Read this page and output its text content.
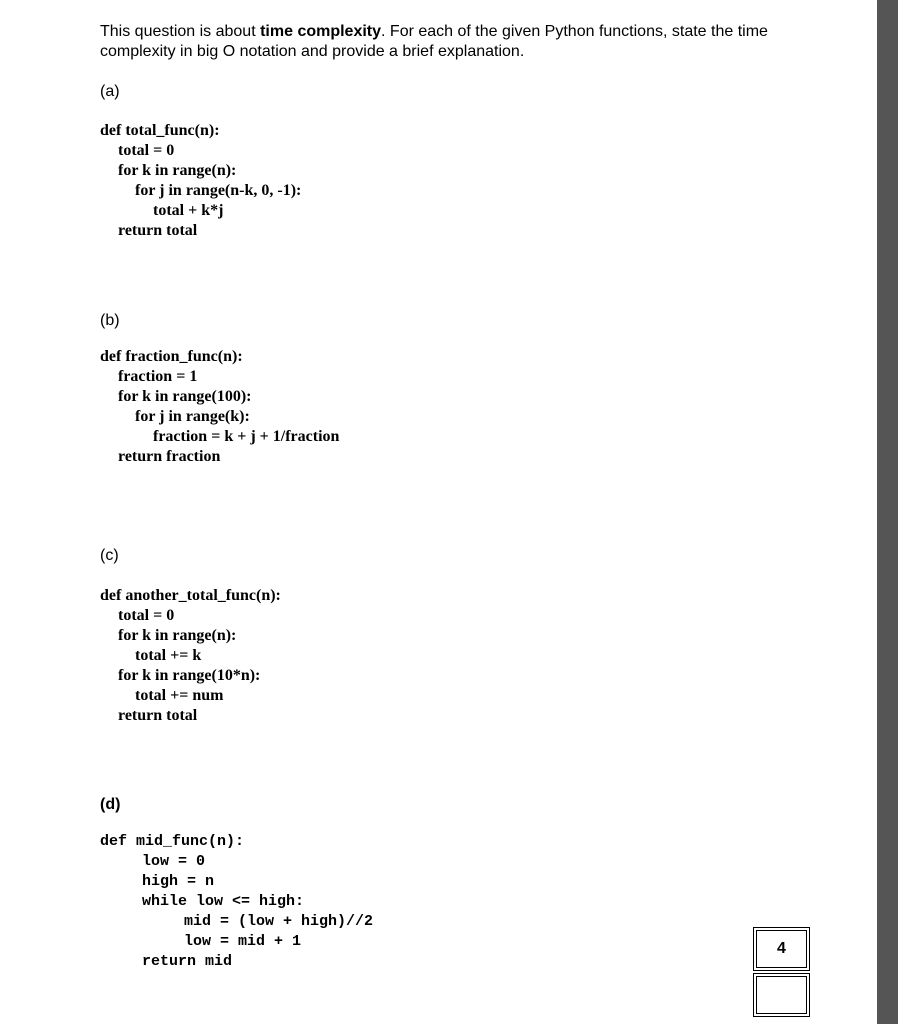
This question is about time complexity. For each of the given Python functions, state the time complexity in big O notation and provide a brief explanation.
(a)
def total_func(n):
total = 0
for k in range(n):
for j in range(n-k, 0, -1):
total + k*j
return total
(b)
def fraction_func(n):
fraction = 1
for k in range(100):
for j in range(k):
fraction = k + j + 1/fraction
return fraction
(c)
def another_total_func(n):
total = 0
for k in range(n):
total += k
for k in range(10*n):
total += num
return total
(d)
def mid_func(n):
low = 0
high = n
while low <= high:
mid = (low + high)//2
low = mid + 1
return mid
4
